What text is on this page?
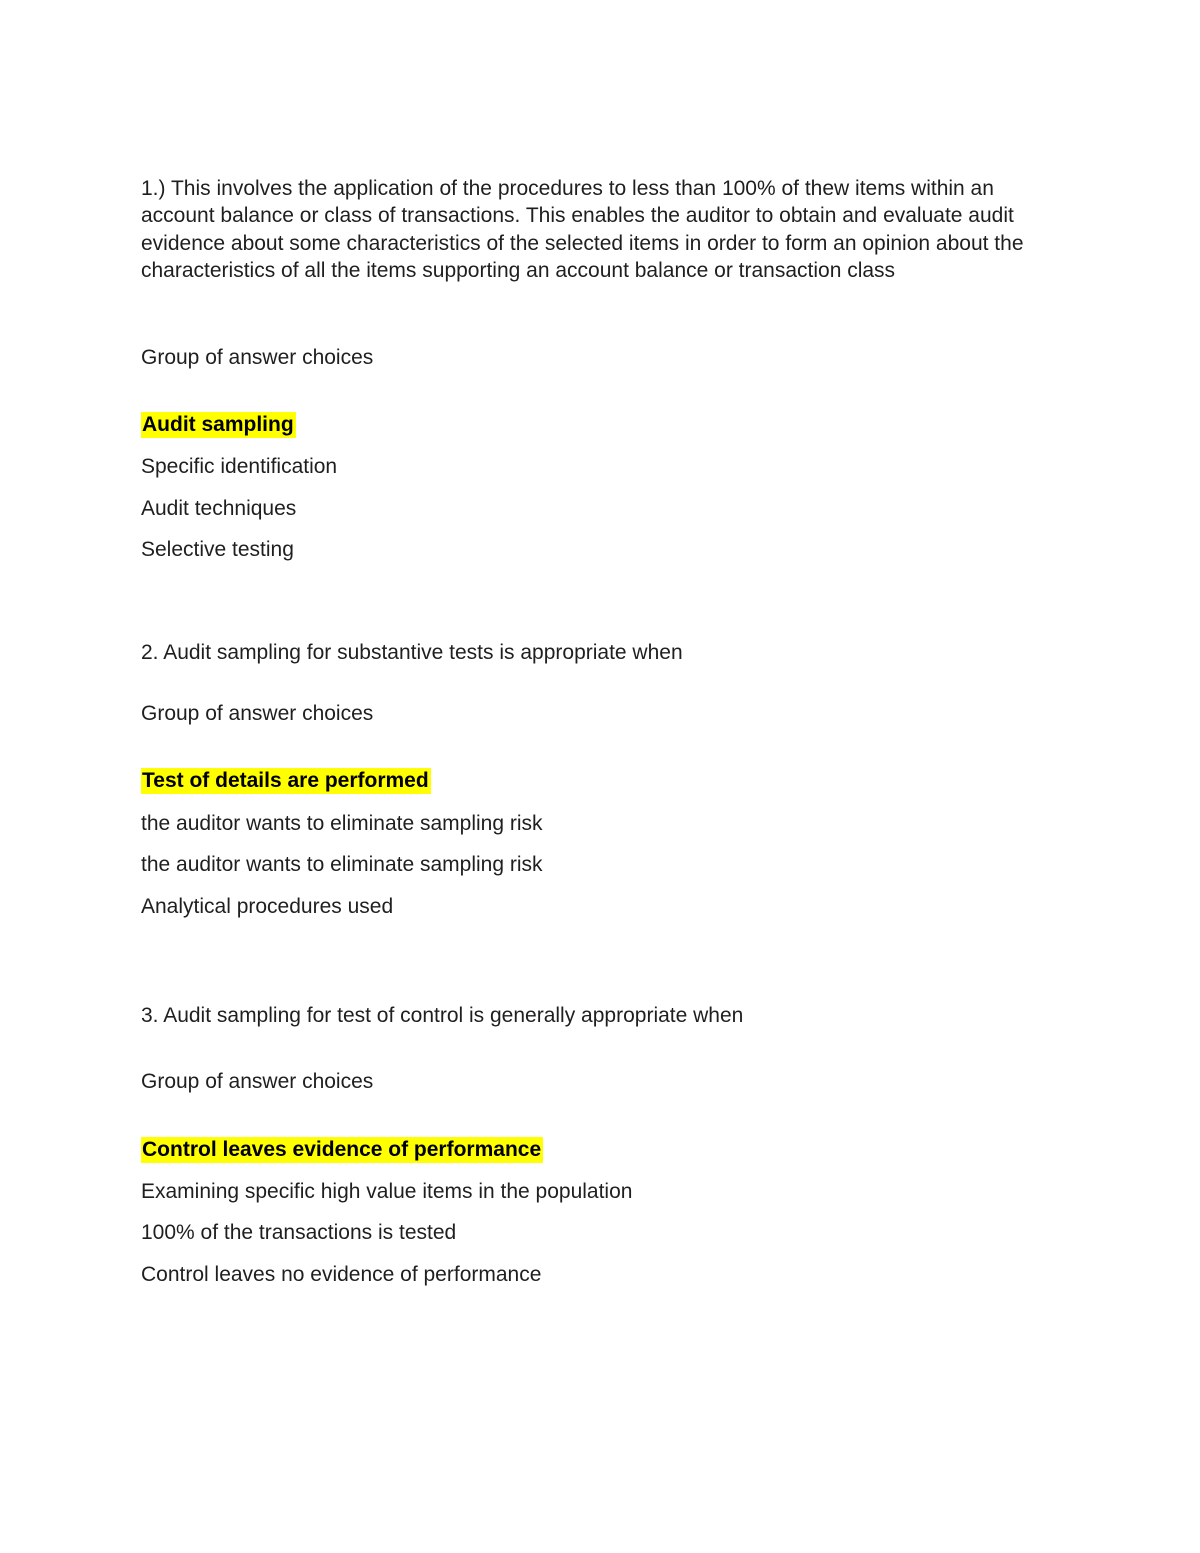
1.) This involves the application of the procedures to less than 100% of thew items within an account balance or class of transactions. This enables the auditor to obtain and evaluate audit evidence about some characteristics of the selected items in order to form an opinion about the characteristics of all the items supporting an account balance or transaction class

Group of answer choices

Audit sampling

Specific identification

Audit techniques

Selective testing

2. Audit sampling for substantive tests is appropriate when

Group of answer choices

Test of details are performed

the auditor wants to eliminate sampling risk

the auditor wants to eliminate sampling risk

Analytical procedures used

3. Audit sampling for test of control is generally appropriate when

Group of answer choices

Control leaves evidence of performance

Examining specific high value items in the population

100% of the transactions is tested

Control leaves no evidence of performance
